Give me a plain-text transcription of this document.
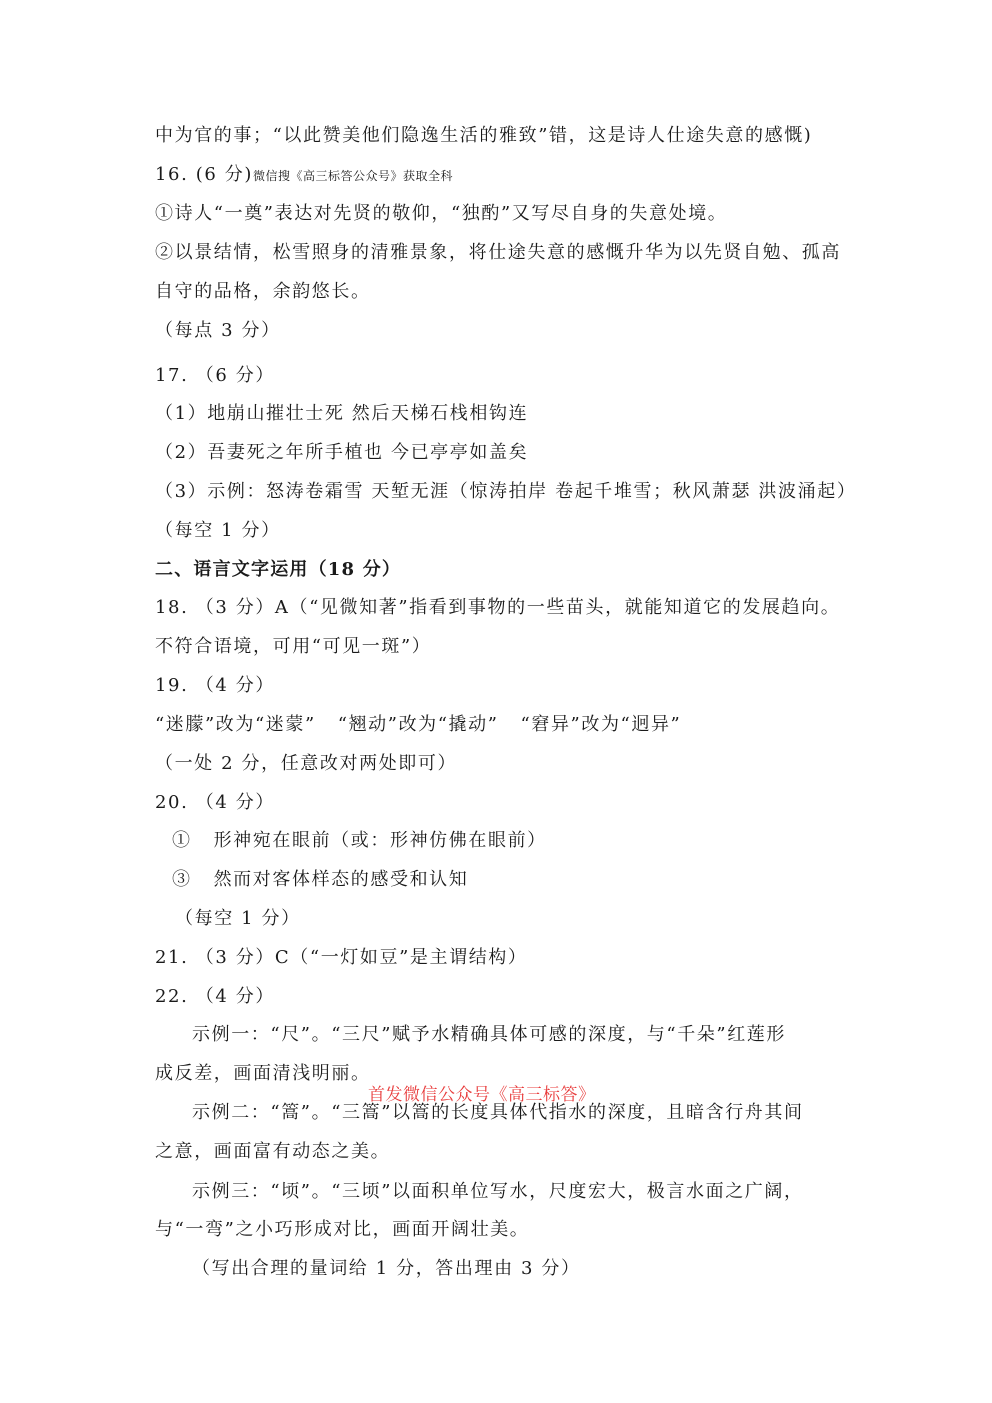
中为官的事；“以此赞美他们隐逸生活的雅致”错，这是诗人仕途失意的感慨)
16. (6 分)微信搜《高三标答公众号》获取全科
①诗人“一奠”表达对先贤的敬仰，“独酌”又写尽自身的失意处境。
②以景结情，松雪照身的清雅景象，将仕途失意的感慨升华为以先贤自勉、孤高
自守的品格，余韵悠长。
（每点 3 分）
17. （6 分）
（1）地崩山摧壮士死 然后天梯石栈相钩连
（2）吾妻死之年所手植也 今已亭亭如盖矣
（3）示例：怒涛卷霜雪 天堑无涯（惊涛拍岸 卷起千堆雪；秋风萧瑟 洪波涌起）
（每空 1 分）
二、语言文字运用（18 分）
18. （3 分）A（“见微知著”指看到事物的一些苗头，就能知道它的发展趋向。
不符合语境，可用“可见一斑”）
19. （4 分）
“迷朦”改为“迷蒙”   “翘动”改为“撬动”   “窘异”改为“迥异”
（一处 2 分，任意改对两处即可）
20. （4 分）
①   形神宛在眼前（或：形神仿佛在眼前）
③   然而对客体样态的感受和认知
（每空 1 分）
21. （3 分）C（“一灯如豆”是主谓结构）
22. （4 分）
示例一：“尺”。“三尺”赋予水精确具体可感的深度，与“千朵”红莲形
成反差，画面清浅明丽。
示例二：“篙”。“三篙”以篙的长度具体代指水的深度，且暗含行舟其间
之意，画面富有动态之美。
示例三：“顷”。“三顷”以面积单位写水，尺度宏大，极言水面之广阔，
与“一弯”之小巧形成对比，画面开阔壮美。
（写出合理的量词给 1 分，答出理由 3 分）
首发微信公众号《高三标答》
